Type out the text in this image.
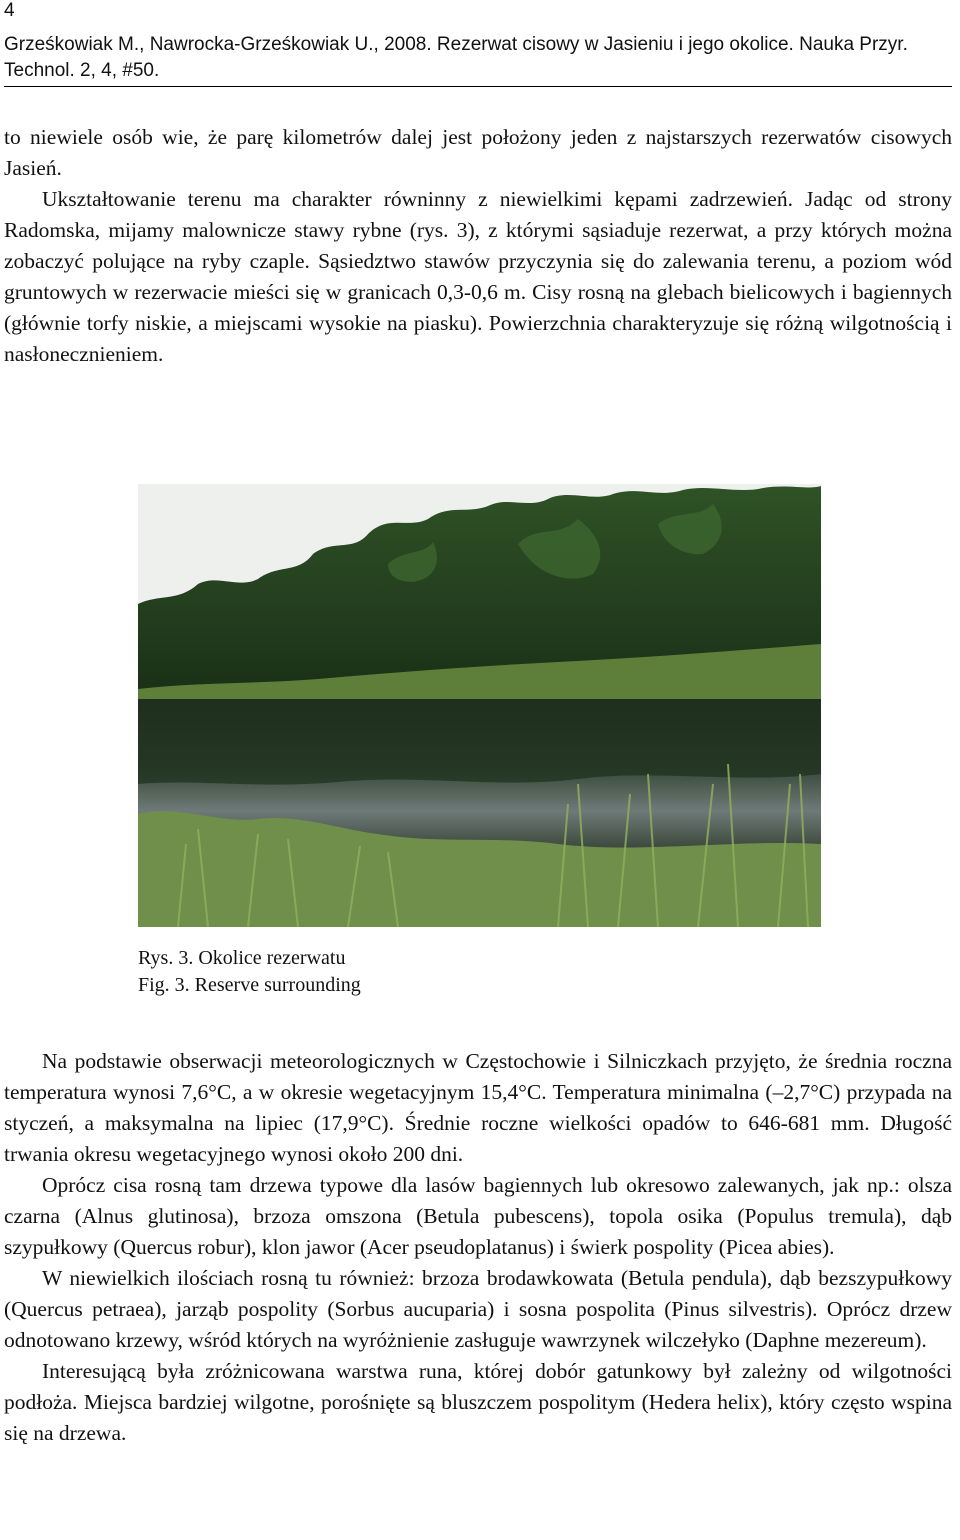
4
Grześkowiak M., Nawrocka-Grześkowiak U., 2008. Rezerwat cisowy w Jasieniu i jego okolice. Nauka Przyr. Technol. 2, 4, #50.

to niewiele osób wie, że parę kilometrów dalej jest położony jeden z najstarszych rezerwatów cisowych Jasień.

Ukształtowanie terenu ma charakter równinny z niewielkimi kępami zadrzewień. Jadąc od strony Radomska, mijamy malownicze stawy rybne (rys. 3), z którymi sąsiaduje rezerwat, a przy których można zobaczyć polujące na ryby czaple. Sąsiedztwo stawów przyczynia się do zalewania terenu, a poziom wód gruntowych w rezerwacie mieści się w granicach 0,3-0,6 m. Cisy rosną na glebach bielicowych i bagiennych (głównie torfy niskie, a miejscami wysokie na piasku). Powierzchnia charakteryzuje się różną wilgotnością i nasłonecznieniem.

Rys. 3. Okolice rezerwatu
Fig. 3. Reserve surrounding

Na podstawie obserwacji meteorologicznych w Częstochowie i Silniczkach przyjęto, że średnia roczna temperatura wynosi 7,6°C, a w okresie wegetacyjnym 15,4°C. Temperatura minimalna (–2,7°C) przypada na styczeń, a maksymalna na lipiec (17,9°C). Średnie roczne wielkości opadów to 646-681 mm. Długość trwania okresu wegetacyjnego wynosi około 200 dni.

Oprócz cisa rosną tam drzewa typowe dla lasów bagiennych lub okresowo zalewanych, jak np.: olsza czarna (Alnus glutinosa), brzoza omszona (Betula pubescens), topola osika (Populus tremula), dąb szypułkowy (Quercus robur), klon jawor (Acer pseudoplatanus) i świerk pospolity (Picea abies).

W niewielkich ilościach rosną tu również: brzoza brodawkowata (Betula pendula), dąb bezszypułkowy (Quercus petraea), jarząb pospolity (Sorbus aucuparia) i sosna pospolita (Pinus silvestris). Oprócz drzew odnotowano krzewy, wśród których na wyróżnienie zasługuje wawrzynek wilczełyko (Daphne mezereum).

Interesującą była zróżnicowana warstwa runa, której dobór gatunkowy był zależny od wilgotności podłoża. Miejsca bardziej wilgotne, porośnięte są bluszczem pospolitym (Hedera helix), który często wspina się na drzewa.
